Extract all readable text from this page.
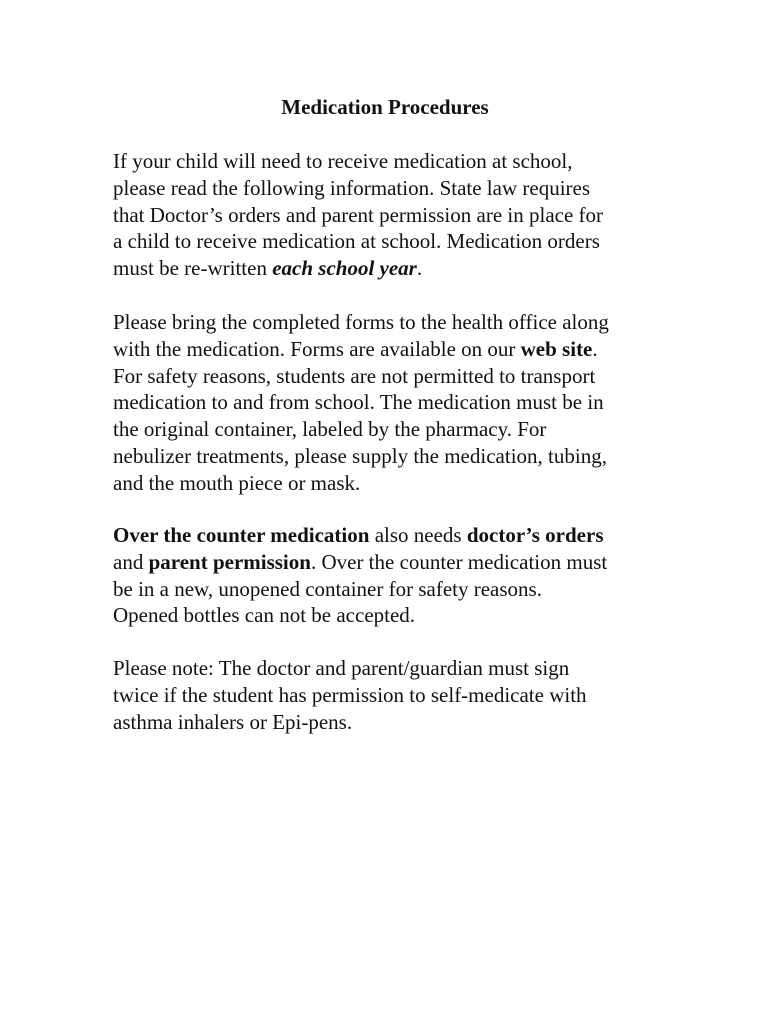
Medication Procedures

If your child will need to receive medication at school,
please read the following information. State law requires
that Doctor’s orders and parent permission are in place for
a child to receive medication at school. Medication orders
must be re-written each school year.

Please bring the completed forms to the health office along
with the medication. Forms are available on our web site.
For safety reasons, students are not permitted to transport
medication to and from school. The medication must be in
the original container, labeled by the pharmacy. For
nebulizer treatments, please supply the medication, tubing,
and the mouth piece or mask.

Over the counter medication also needs doctor’s orders
and parent permission. Over the counter medication must
be in a new, unopened container for safety reasons.
Opened bottles can not be accepted.

Please note: The doctor and parent/guardian must sign
twice if the student has permission to self-medicate with
asthma inhalers or Epi-pens.
